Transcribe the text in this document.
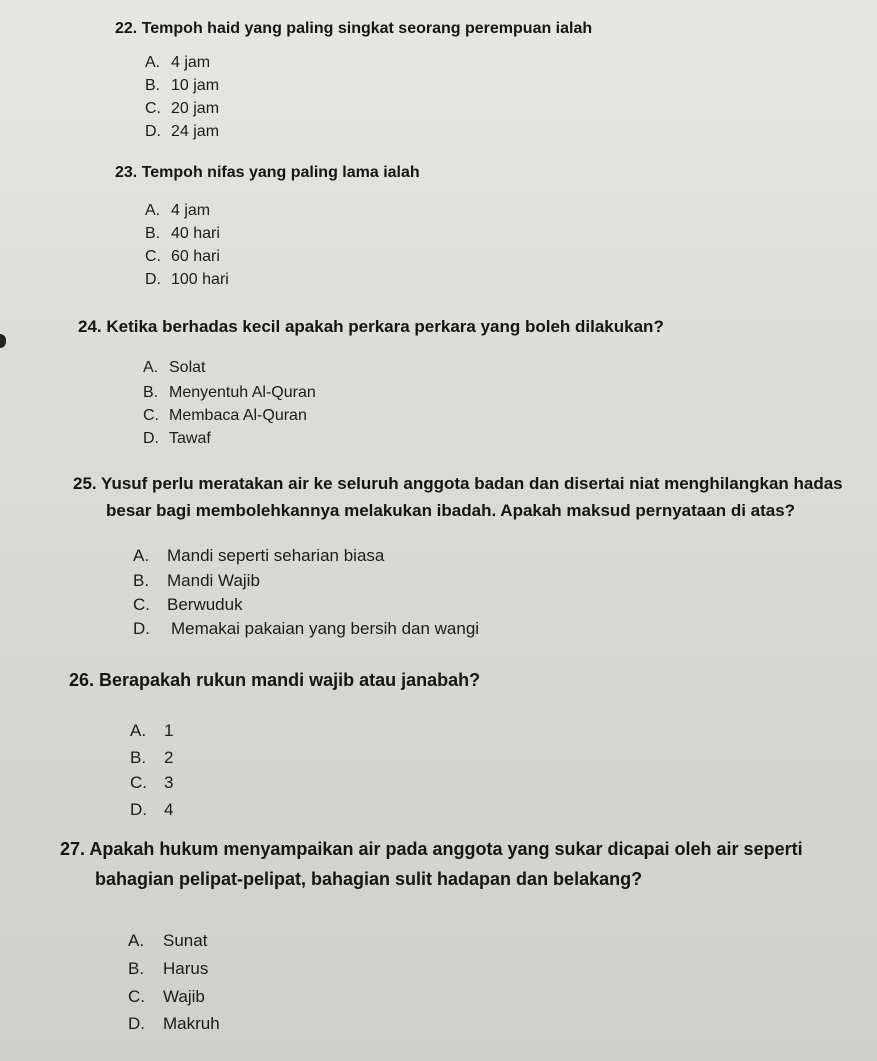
22. Tempoh haid yang paling singkat seorang perempuan ialah
A. 4 jam
B. 10 jam
C. 20 jam
D. 24 jam
23. Tempoh nifas yang paling lama ialah
A. 4 jam
B. 40 hari
C. 60 hari
D. 100 hari
24. Ketika berhadas kecil apakah perkara perkara yang boleh dilakukan?
A. Solat
B. Menyentuh Al-Quran
C. Membaca Al-Quran
D. Tawaf
25. Yusuf perlu meratakan air ke seluruh anggota badan dan disertai niat menghilangkan hadas besar bagi membolehkannya melakukan ibadah. Apakah maksud pernyataan di atas?
A. Mandi seperti seharian biasa
B. Mandi Wajib
C. Berwuduk
D. Memakai pakaian yang bersih dan wangi
26. Berapakah rukun mandi wajib atau janabah?
A. 1
B. 2
C. 3
D. 4
27. Apakah hukum menyampaikan air pada anggota yang sukar dicapai oleh air seperti bahagian pelipat-pelipat, bahagian sulit hadapan dan belakang?
A. Sunat
B. Harus
C. Wajib
D. Makruh
